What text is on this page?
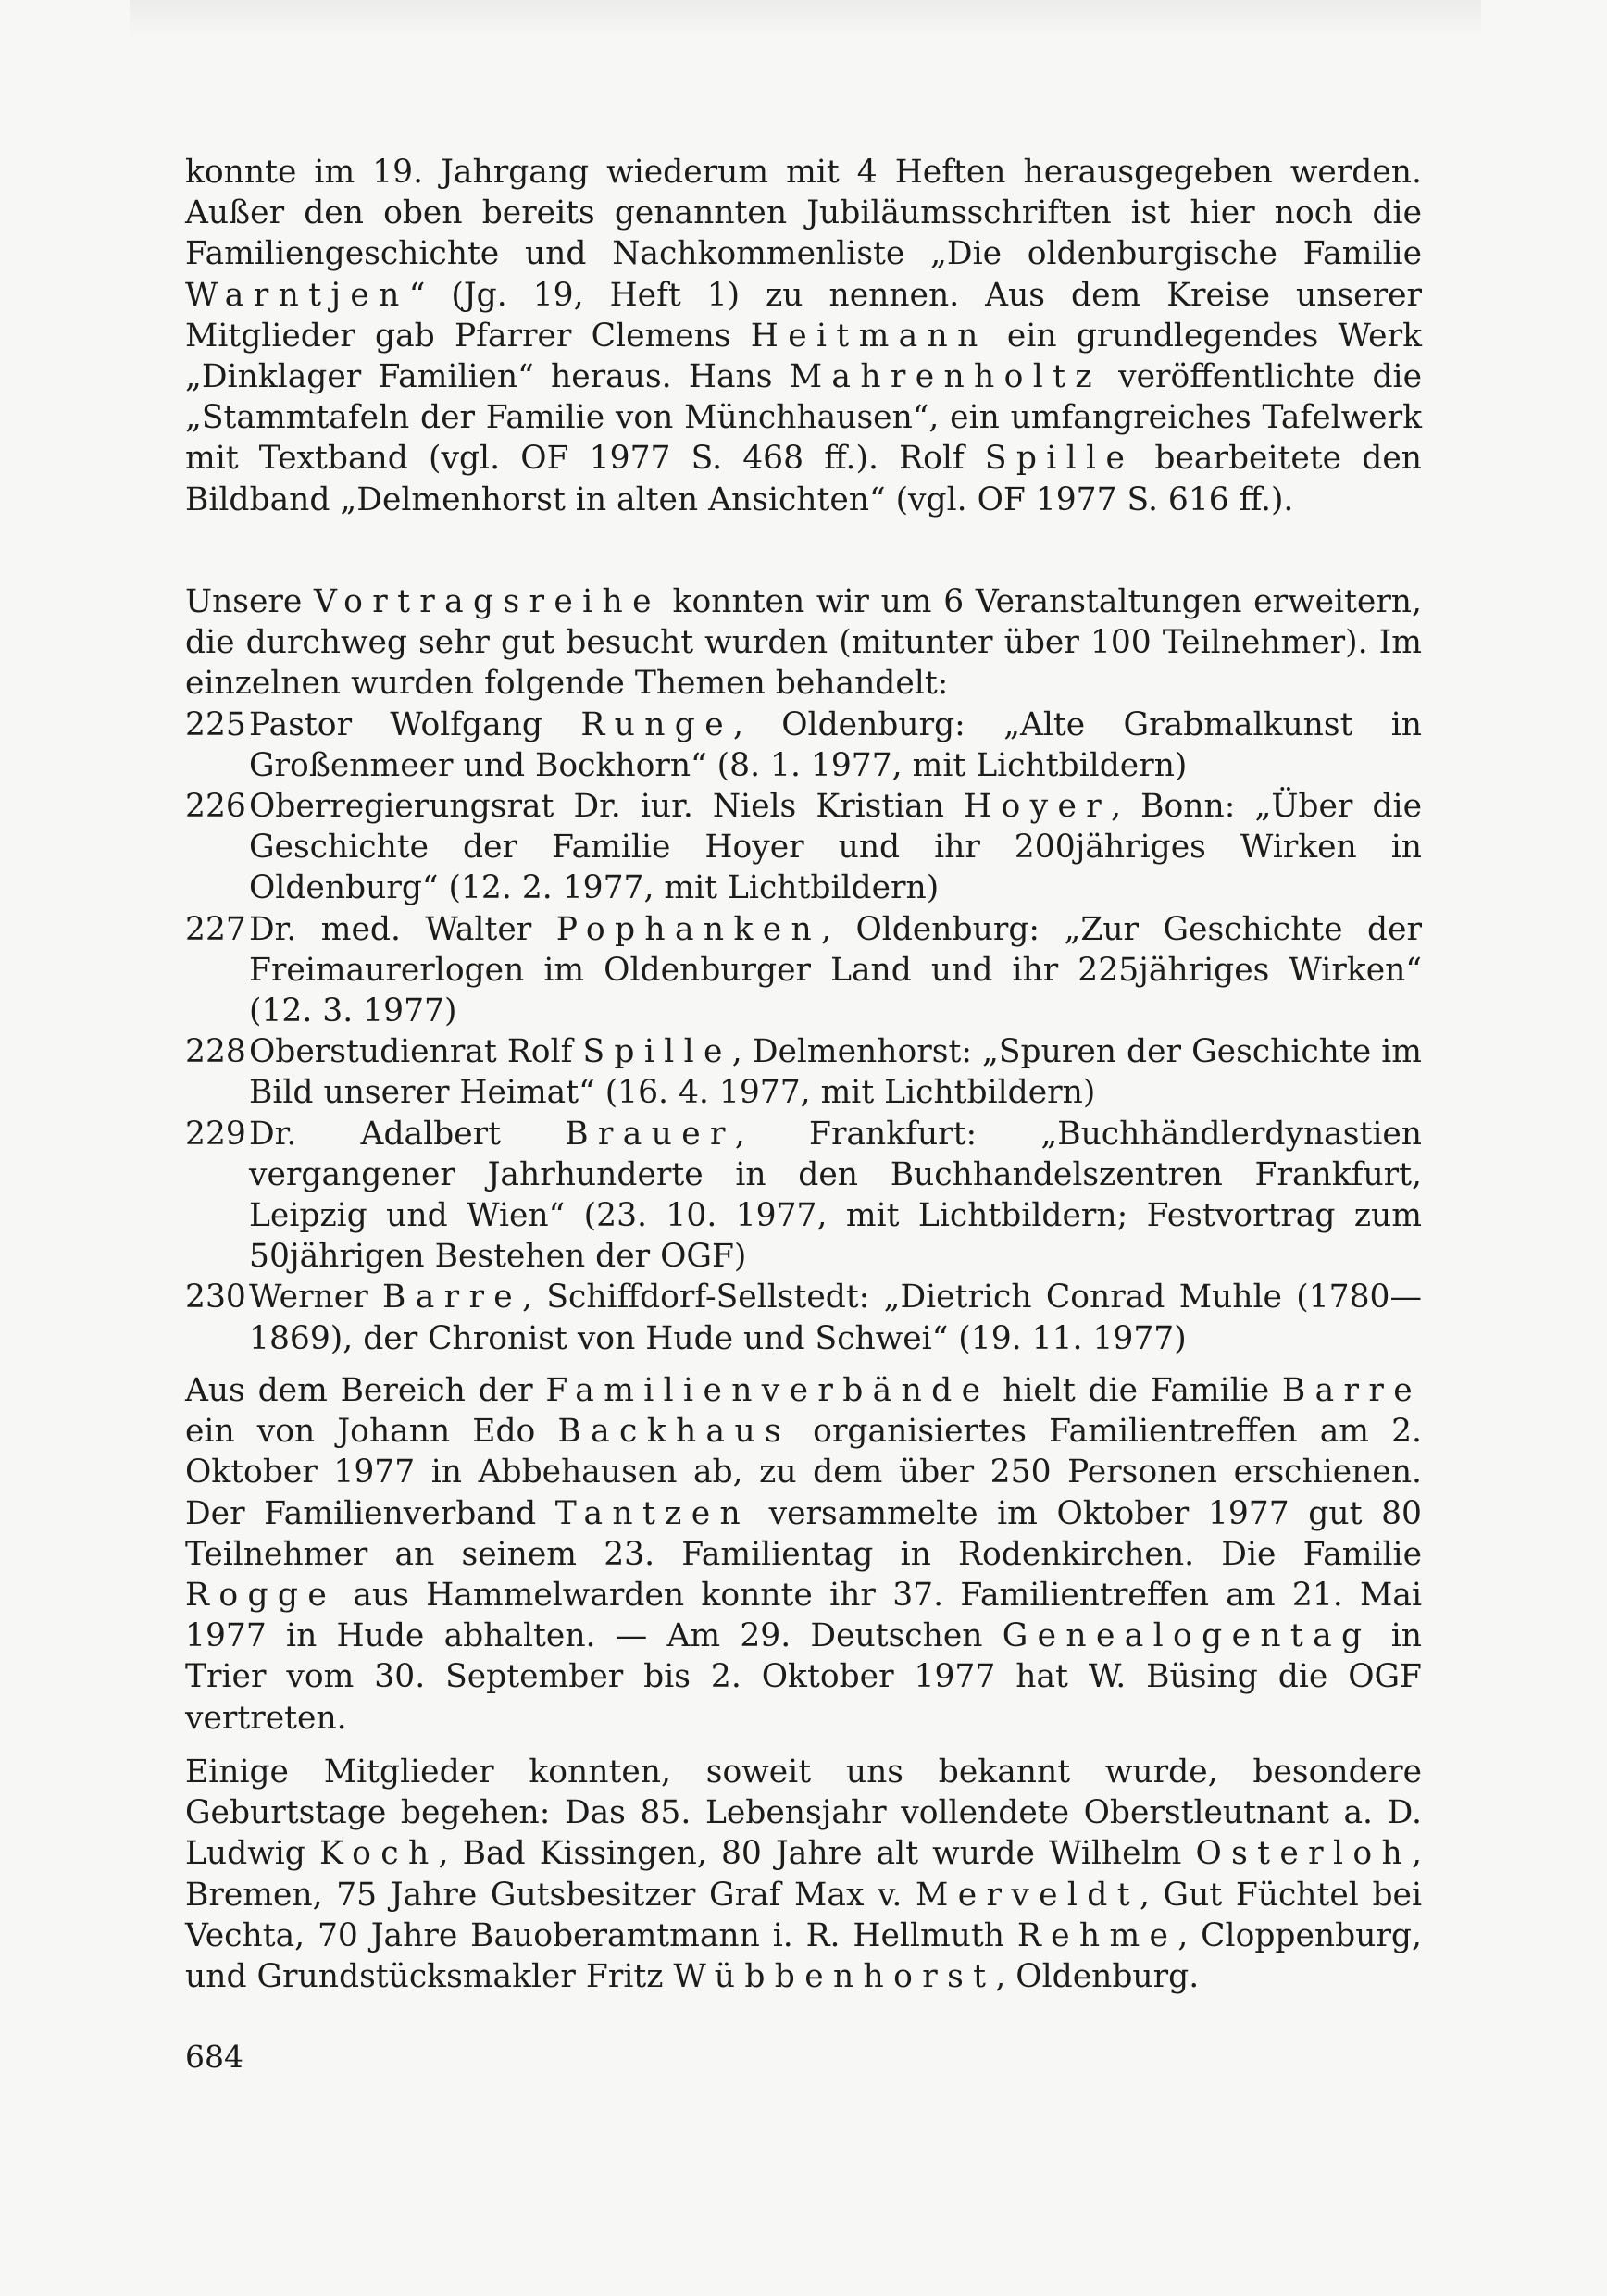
konnte im 19. Jahrgang wiederum mit 4 Heften herausgegeben werden. Außer den oben bereits genannten Jubiläumsschriften ist hier noch die Familiengeschichte und Nachkommenliste „Die oldenburgische Familie Warntjen“ (Jg. 19, Heft 1) zu nennen. Aus dem Kreise unserer Mitglieder gab Pfarrer Clemens Heitmann ein grundlegendes Werk „Dinklager Familien“ heraus. Hans Mahrenholtz veröffentlichte die „Stammtafeln der Familie von Münchhausen“, ein umfangreiches Tafelwerk mit Textband (vgl. OF 1977 S. 468 ff.). Rolf Spille bearbeitete den Bildband „Delmenhorst in alten Ansichten“ (vgl. OF 1977 S. 616 ff.).

Unsere Vortragsreihe konnten wir um 6 Veranstaltungen erweitern, die durchweg sehr gut besucht wurden (mitunter über 100 Teilnehmer). Im einzelnen wurden folgende Themen behandelt:

225 Pastor Wolfgang Runge, Oldenburg: „Alte Grabmalkunst in Großenmeer und Bockhorn“ (8. 1. 1977, mit Lichtbildern)
226 Oberregierungsrat Dr. iur. Niels Kristian Hoyer, Bonn: „Über die Geschichte der Familie Hoyer und ihr 200jähriges Wirken in Oldenburg“ (12. 2. 1977, mit Lichtbildern)
227 Dr. med. Walter Pophanken, Oldenburg: „Zur Geschichte der Freimaurerlogen im Oldenburger Land und ihr 225jähriges Wirken“ (12. 3. 1977)
228 Oberstudienrat Rolf Spille, Delmenhorst: „Spuren der Geschichte im Bild unserer Heimat“ (16. 4. 1977, mit Lichtbildern)
229 Dr. Adalbert Brauer, Frankfurt: „Buchhändlerdynastien vergangener Jahrhunderte in den Buchhandelszentren Frankfurt, Leipzig und Wien“ (23. 10. 1977, mit Lichtbildern; Festvortrag zum 50jährigen Bestehen der OGF)
230 Werner Barre, Schiffdorf-Sellstedt: „Dietrich Conrad Muhle (1780—1869), der Chronist von Hude und Schwei“ (19. 11. 1977)

Aus dem Bereich der Familienverbände hielt die Familie Barre ein von Johann Edo Backhaus organisiertes Familientreffen am 2. Oktober 1977 in Abbehausen ab, zu dem über 250 Personen erschienen. Der Familienverband Tantzen versammelte im Oktober 1977 gut 80 Teilnehmer an seinem 23. Familientag in Rodenkirchen. Die Familie Rogge aus Hammelwarden konnte ihr 37. Familientreffen am 21. Mai 1977 in Hude abhalten. — Am 29. Deutschen Genealogentag in Trier vom 30. September bis 2. Oktober 1977 hat W. Büsing die OGF vertreten.

Einige Mitglieder konnten, soweit uns bekannt wurde, besondere Geburtstage begehen: Das 85. Lebensjahr vollendete Oberstleutnant a. D. Ludwig Koch, Bad Kissingen, 80 Jahre alt wurde Wilhelm Osterloh, Bremen, 75 Jahre Gutsbesitzer Graf Max v. Merveldt, Gut Füchtel bei Vechta, 70 Jahre Bauoberamtmann i. R. Hellmuth Rehme, Cloppenburg, und Grundstücksmakler Fritz Wübbenhorst, Oldenburg.

684
